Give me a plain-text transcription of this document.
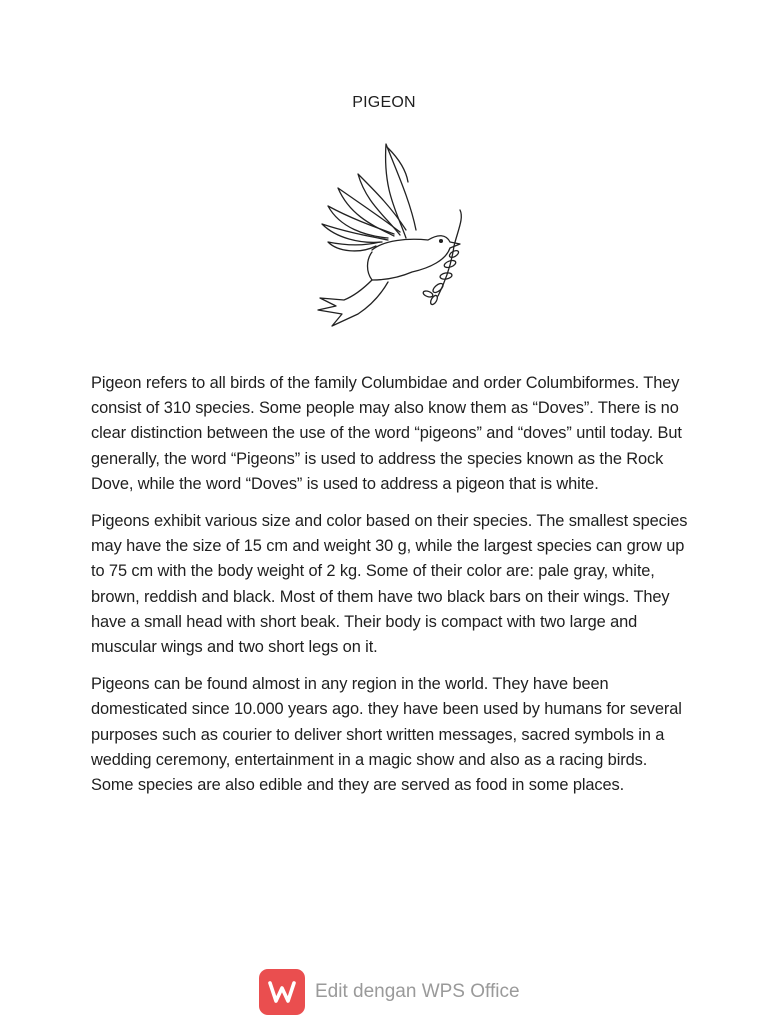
PIGEON

Pigeon refers to all birds of the family Columbidae and order Columbiformes. They consist of 310 species. Some people may also know them as “Doves”. There is no clear distinction between the use of the word “pigeons” and “doves” until today. But generally, the word “Pigeons” is used to address the species known as the Rock Dove, while the word “Doves” is used to address a pigeon that is white.

Pigeons exhibit various size and color based on their species. The smallest species may have the size of 15 cm and weight 30 g, while the largest species can grow up to 75 cm with the body weight of 2 kg. Some of their color are: pale gray, white, brown, reddish and black. Most of them have two black bars on their wings. They have a small head with short beak. Their body is compact with two large and muscular wings and two short legs on it.

Pigeons can be found almost in any region in the world. They have been domesticated since 10.000 years ago. they have been used by humans for several purposes such as courier to deliver short written messages, sacred symbols in a wedding ceremony, entertainment in a magic show and also as a racing birds. Some species are also edible and they are served as food in some places.

Edit dengan WPS Office
